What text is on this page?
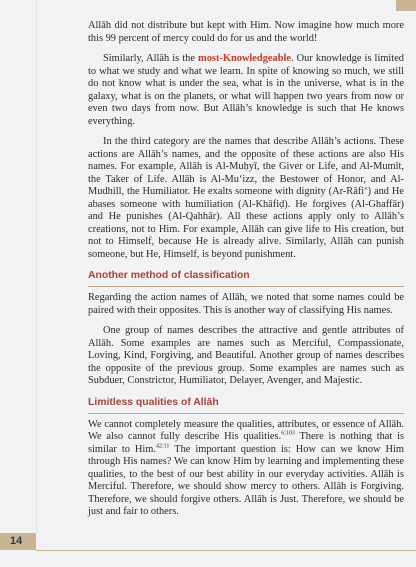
Allāh did not distribute but kept with Him. Now imagine how much more this 99 percent of mercy could do for us and the world!

Similarly, Allāh is the most-Knowledgeable. Our knowledge is limited to what we study and what we learn. In spite of knowing so much, we still do not know what is under the sea, what is in the universe, what is in the galaxy, what is on the planets, or what will happen two years from now or even two days from now. But Allāh’s knowledge is such that He knows everything.

In the third category are the names that describe Allāh’s actions. These actions are Allāh’s names, and the opposite of these actions are also His names. For example, Allāh is Al-Muḥyī, the Giver or Life, and Al-Mumīt, the Taker of Life. Allāh is Al-Mu‘izz, the Bestower of Honor, and Al-Mudhill, the Humiliator. He exalts someone with dignity (Ar-Rāfi‘) and He abases someone with humiliation (Al-Khāfiḍ). He forgives (Al-Ghaffār) and He punishes (Al-Qahhār). All these actions apply only to Allāh’s creations, not to Him. For example, Allāh can give life to His creation, but not to Himself, because He is already alive. Similarly, Allāh can punish someone, but He, Himself, is beyond punishment.

Another method of classification

Regarding the action names of Allāh, we noted that some names could be paired with their opposites. This is another way of classifying His names.

One group of names describes the attractive and gentle attributes of Allāh. Some examples are names such as Merciful, Compassionate, Loving, Kind, Forgiving, and Beautiful. Another group of names describes the opposite of the previous group. Some examples are names such as Subduer, Constrictor, Humiliator, Delayer, Avenger, and Majestic.

Limitless qualities of Allāh

We cannot completely measure the qualities, attributes, or essence of Allāh. We also cannot fully describe His qualities.$^{6:103}$ There is nothing that is similar to Him.$^{42:11}$ The important question is: How can we know Him through His names? We can know Him by learning and implementing these qualities, to the best of our best ability in our everyday activities. Allāh is Merciful. Therefore, we should show mercy to others. Allāh is Forgiving. Therefore, we should forgive others. Allāh is Just. Therefore, we should be just and fair to others.

14
